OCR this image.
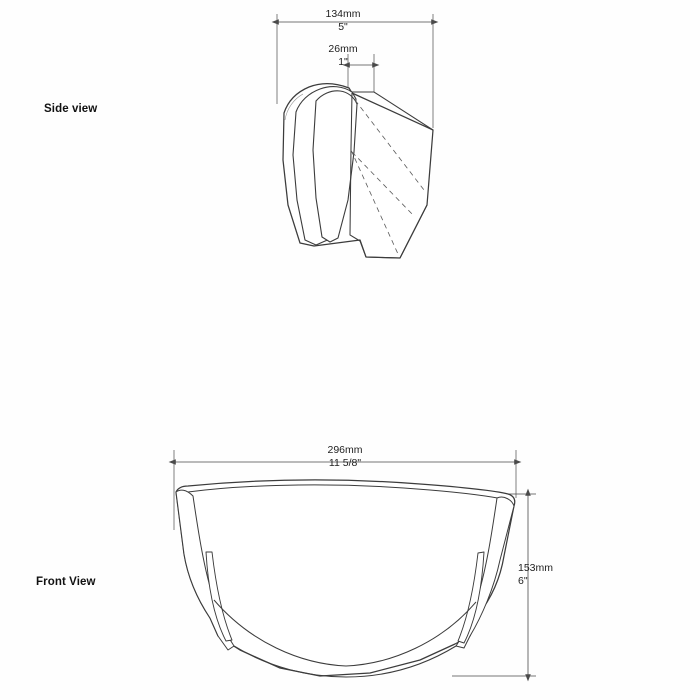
Side view
Front View
134mm
5"
26mm
1"
296mm
11 5/8"
153mm
6"
